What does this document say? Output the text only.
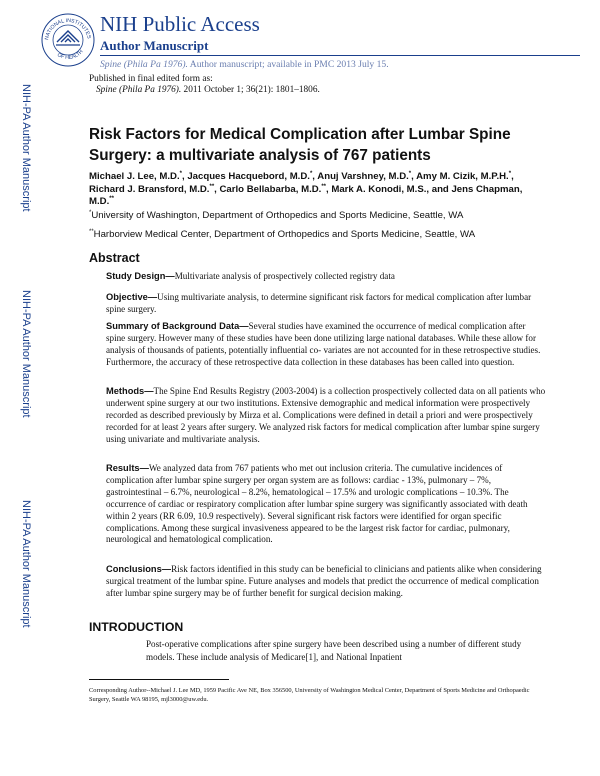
NATIONAL INSTITUTES
OF HEALTH
NIH Public Access
Author Manuscript
Spine (Phila Pa 1976). Author manuscript; available in PMC 2013 July 15.
Published in final edited form as:
Spine (Phila Pa 1976). 2011 October 1; 36(21): 1801–1806.
NIH-PA Author Manuscript
NIH-PA Author Manuscript
NIH-PA Author Manuscript
Risk Factors for Medical Complication after Lumbar Spine Surgery: a multivariate analysis of 767 patients
Michael J. Lee, M.D.*, Jacques Hacquebord, M.D.*, Anuj Varshney, M.D.*, Amy M. Cizik, M.P.H.*, Richard J. Bransford, M.D.**, Carlo Bellabarba, M.D.**, Mark A. Konodi, M.S., and Jens Chapman, M.D.**
*University of Washington, Department of Orthopedics and Sports Medicine, Seattle, WA
**Harborview Medical Center, Department of Orthopedics and Sports Medicine, Seattle, WA
Abstract
Study Design—Multivariate analysis of prospectively collected registry data
Objective—Using multivariate analysis, to determine significant risk factors for medical complication after lumbar spine surgery.
Summary of Background Data—Several studies have examined the occurrence of medical complication after spine surgery. However many of these studies have been done utilizing large national databases. While these allow for analysis of thousands of patients, potentially influential co- variates are not accounted for in these retrospective studies. Furthermore, the accuracy of these retrospective data collection in these databases has been called into question.
Methods—The Spine End Results Registry (2003-2004) is a collection prospectively collected data on all patients who underwent spine surgery at our two institutions. Extensive demographic and medical information were prospectively recorded as described previously by Mirza et al. Complications were defined in detail a priori and were prospectively recorded for at least 2 years after surgery. We analyzed risk factors for medical complication after lumbar spine surgery using univariate and multivariate analysis.
Results—We analyzed data from 767 patients who met out inclusion criteria. The cumulative incidences of complication after lumbar spine surgery per organ system are as follows: cardiac - 13%, pulmonary – 7%, gastrointestinal – 6.7%, neurological – 8.2%, hematological – 17.5% and urologic complications – 10.3%. The occurrence of cardiac or respiratory complication after lumbar spine surgery was significantly associated with death within 2 years (RR 6.09, 10.9 respectively). Several significant risk factors were identified for organ specific complications. Among these surgical invasiveness appeared to be the largest risk factor for cardiac, pulmonary, neurological and hematological complication.
Conclusions—Risk factors identified in this study can be beneficial to clinicians and patients alike when considering surgical treatment of the lumbar spine. Future analyses and models that predict the occurrence of medical complication after lumbar spine surgery may be of further benefit for surgical decision making.
INTRODUCTION
Post-operative complications after spine surgery have been described using a number of different study models. These include analysis of Medicare[1], and National Inpatient
Corresponding Author--Michael J. Lee MD, 1959 Pacific Ave NE, Box 356500, University of Washington Medical Center, Department of Sports Medicine and Orthopaedic Surgery, Seattle WA 98195, mjl3000@uw.edu.
